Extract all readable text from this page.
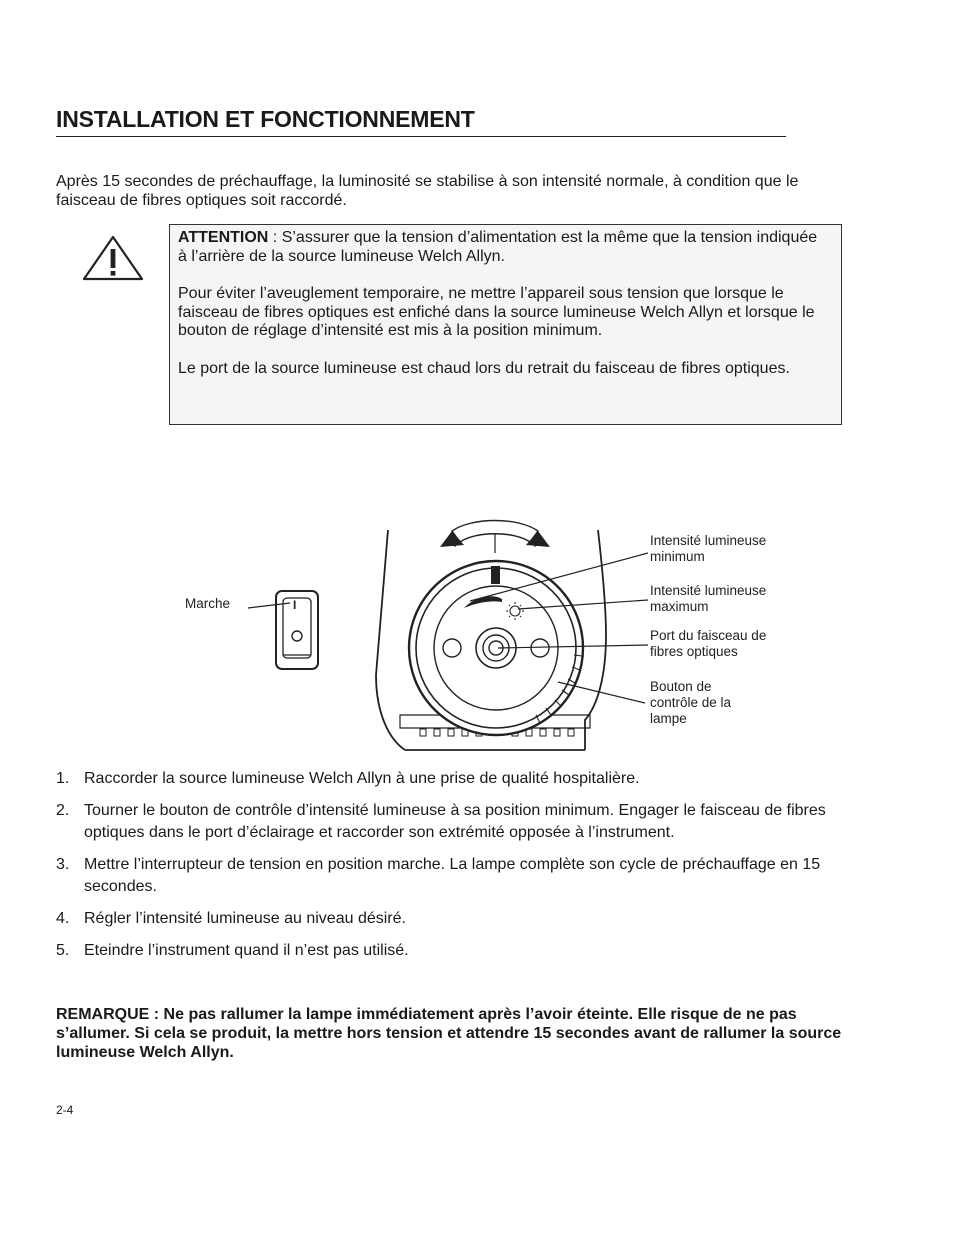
INSTALLATION ET FONCTIONNEMENT

Après 15 secondes de préchauffage, la luminosité se stabilise à son intensité normale, à condition que le faisceau de fibres optiques soit raccordé.

ATTENTION : S’assurer que la tension d’alimentation est la même que la tension indiquée à l’arrière de la source lumineuse Welch Allyn.

Pour éviter l’aveuglement temporaire, ne mettre l’appareil sous tension que lorsque le faisceau de fibres optiques est enfiché dans la source lumineuse Welch Allyn et lorsque le bouton de réglage d’intensité est mis à la position minimum.

Le port de la source lumineuse est chaud lors du retrait du faisceau de fibres optiques.

I
Marche
Intensité lumineuse
minimum
Intensité lumineuse
maximum
Port du faisceau de
fibres optiques
Bouton de
contrôle de la
lampe
1. Raccorder la source lumineuse Welch Allyn à une prise de qualité hospitalière.
2. Tourner le bouton de contrôle d’intensité lumineuse à sa position minimum. Engager le faisceau de fibres optiques dans le port d’éclairage et raccorder son extrémité opposée à l’instrument.
3. Mettre l’interrupteur de tension en position marche. La lampe complète son cycle de préchauffage en 15 secondes.
4. Régler l’intensité lumineuse au niveau désiré.
5. Eteindre l’instrument quand il n’est pas utilisé.

REMARQUE : Ne pas rallumer la lampe immédiatement après l’avoir éteinte. Elle risque de ne pas s’allumer. Si cela se produit, la mettre hors tension et attendre 15 secondes avant de rallumer la source lumineuse Welch Allyn.

2-4
